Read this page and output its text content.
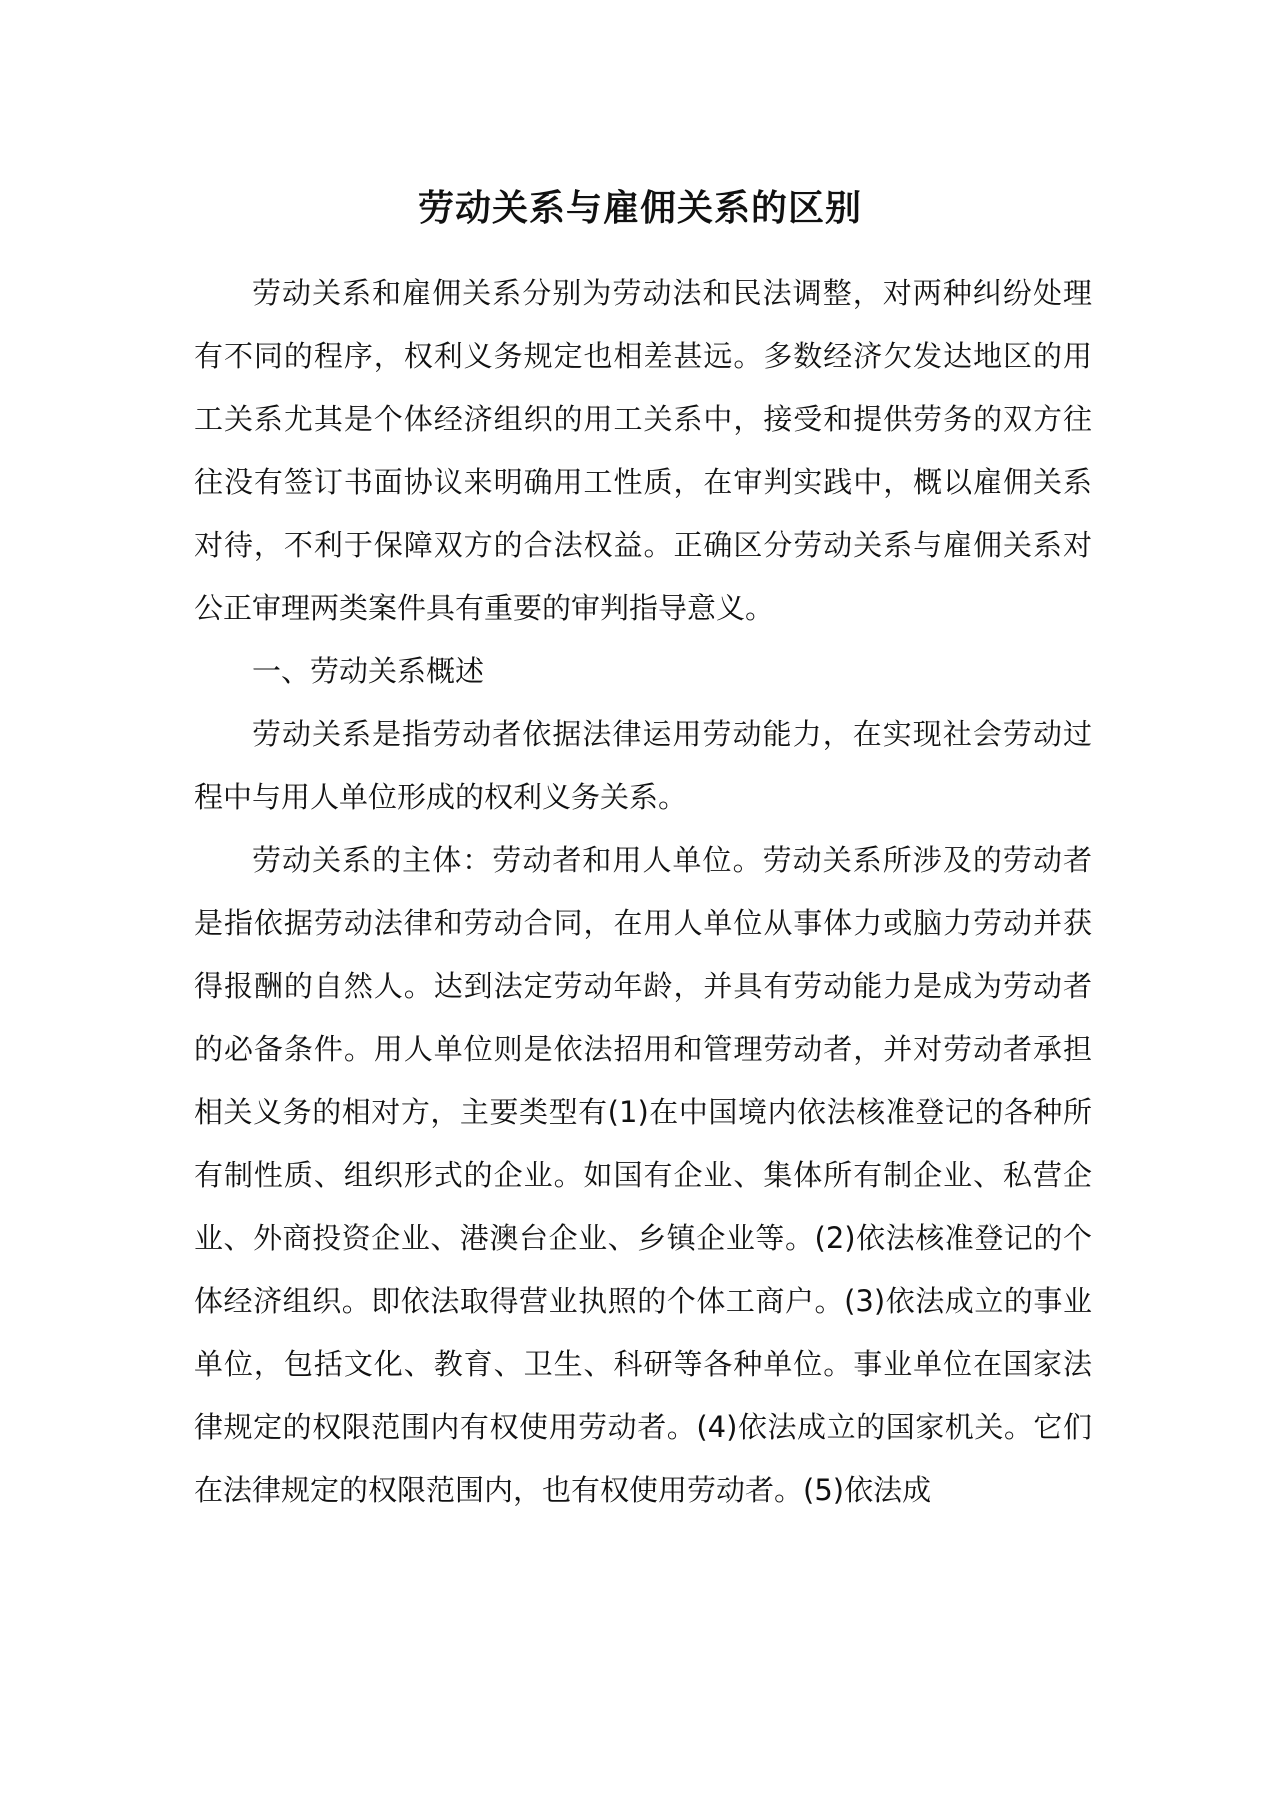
劳动关系与雇佣关系的区别

劳动关系和雇佣关系分别为劳动法和民法调整，对两种纠纷处理有不同的程序，权利义务规定也相差甚远。多数经济欠发达地区的用工关系尤其是个体经济组织的用工关系中，接受和提供劳务的双方往往没有签订书面协议来明确用工性质，在审判实践中，概以雇佣关系对待，不利于保障双方的合法权益。正确区分劳动关系与雇佣关系对公正审理两类案件具有重要的审判指导意义。

一、劳动关系概述

劳动关系是指劳动者依据法律运用劳动能力，在实现社会劳动过程中与用人单位形成的权利义务关系。

劳动关系的主体：劳动者和用人单位。劳动关系所涉及的劳动者是指依据劳动法律和劳动合同，在用人单位从事体力或脑力劳动并获得报酬的自然人。达到法定劳动年龄，并具有劳动能力是成为劳动者的必备条件。用人单位则是依法招用和管理劳动者，并对劳动者承担相关义务的相对方，主要类型有(1)在中国境内依法核准登记的各种所有制性质、组织形式的企业。如国有企业、集体所有制企业、私营企业、外商投资企业、港澳台企业、乡镇企业等。(2)依法核准登记的个体经济组织。即依法取得营业执照的个体工商户。(3)依法成立的事业单位，包括文化、教育、卫生、科研等各种单位。事业单位在国家法律规定的权限范围内有权使用劳动者。(4)依法成立的国家机关。它们在法律规定的权限范围内，也有权使用劳动者。(5)依法成
